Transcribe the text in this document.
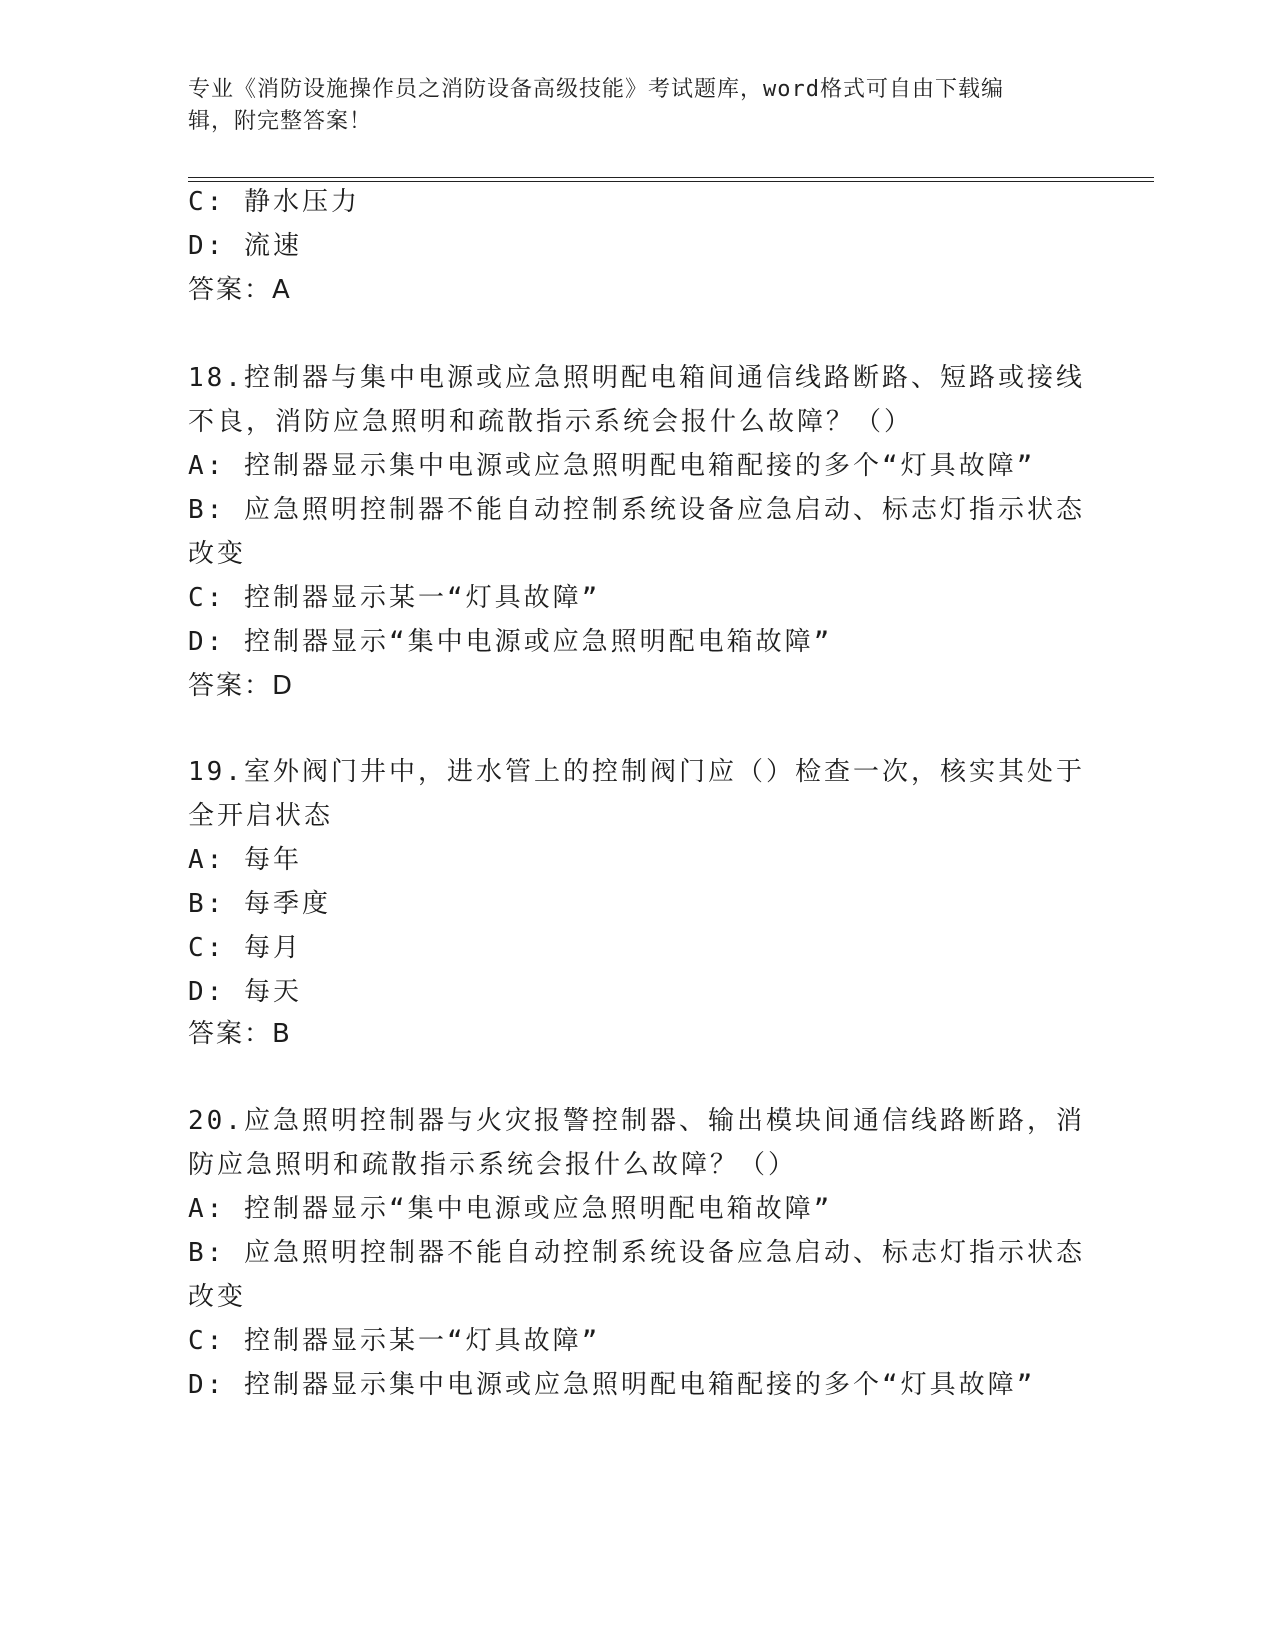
专业《消防设施操作员之消防设备高级技能》考试题库，word格式可自由下载编
辑，附完整答案！
C: 静水压力
D: 流速
答案：A
18.控制器与集中电源或应急照明配电箱间通信线路断路、短路或接线
不良，消防应急照明和疏散指示系统会报什么故障？（）
A: 控制器显示集中电源或应急照明配电箱配接的多个“灯具故障”
B: 应急照明控制器不能自动控制系统设备应急启动、标志灯指示状态
改变
C: 控制器显示某一“灯具故障”
D: 控制器显示“集中电源或应急照明配电箱故障”
答案：D
19.室外阀门井中，进水管上的控制阀门应（）检查一次，核实其处于
全开启状态
A: 每年
B: 每季度
C: 每月
D: 每天
答案：B
20.应急照明控制器与火灾报警控制器、输出模块间通信线路断路，消
防应急照明和疏散指示系统会报什么故障？（）
A: 控制器显示“集中电源或应急照明配电箱故障”
B: 应急照明控制器不能自动控制系统设备应急启动、标志灯指示状态
改变
C: 控制器显示某一“灯具故障”
D: 控制器显示集中电源或应急照明配电箱配接的多个“灯具故障”
